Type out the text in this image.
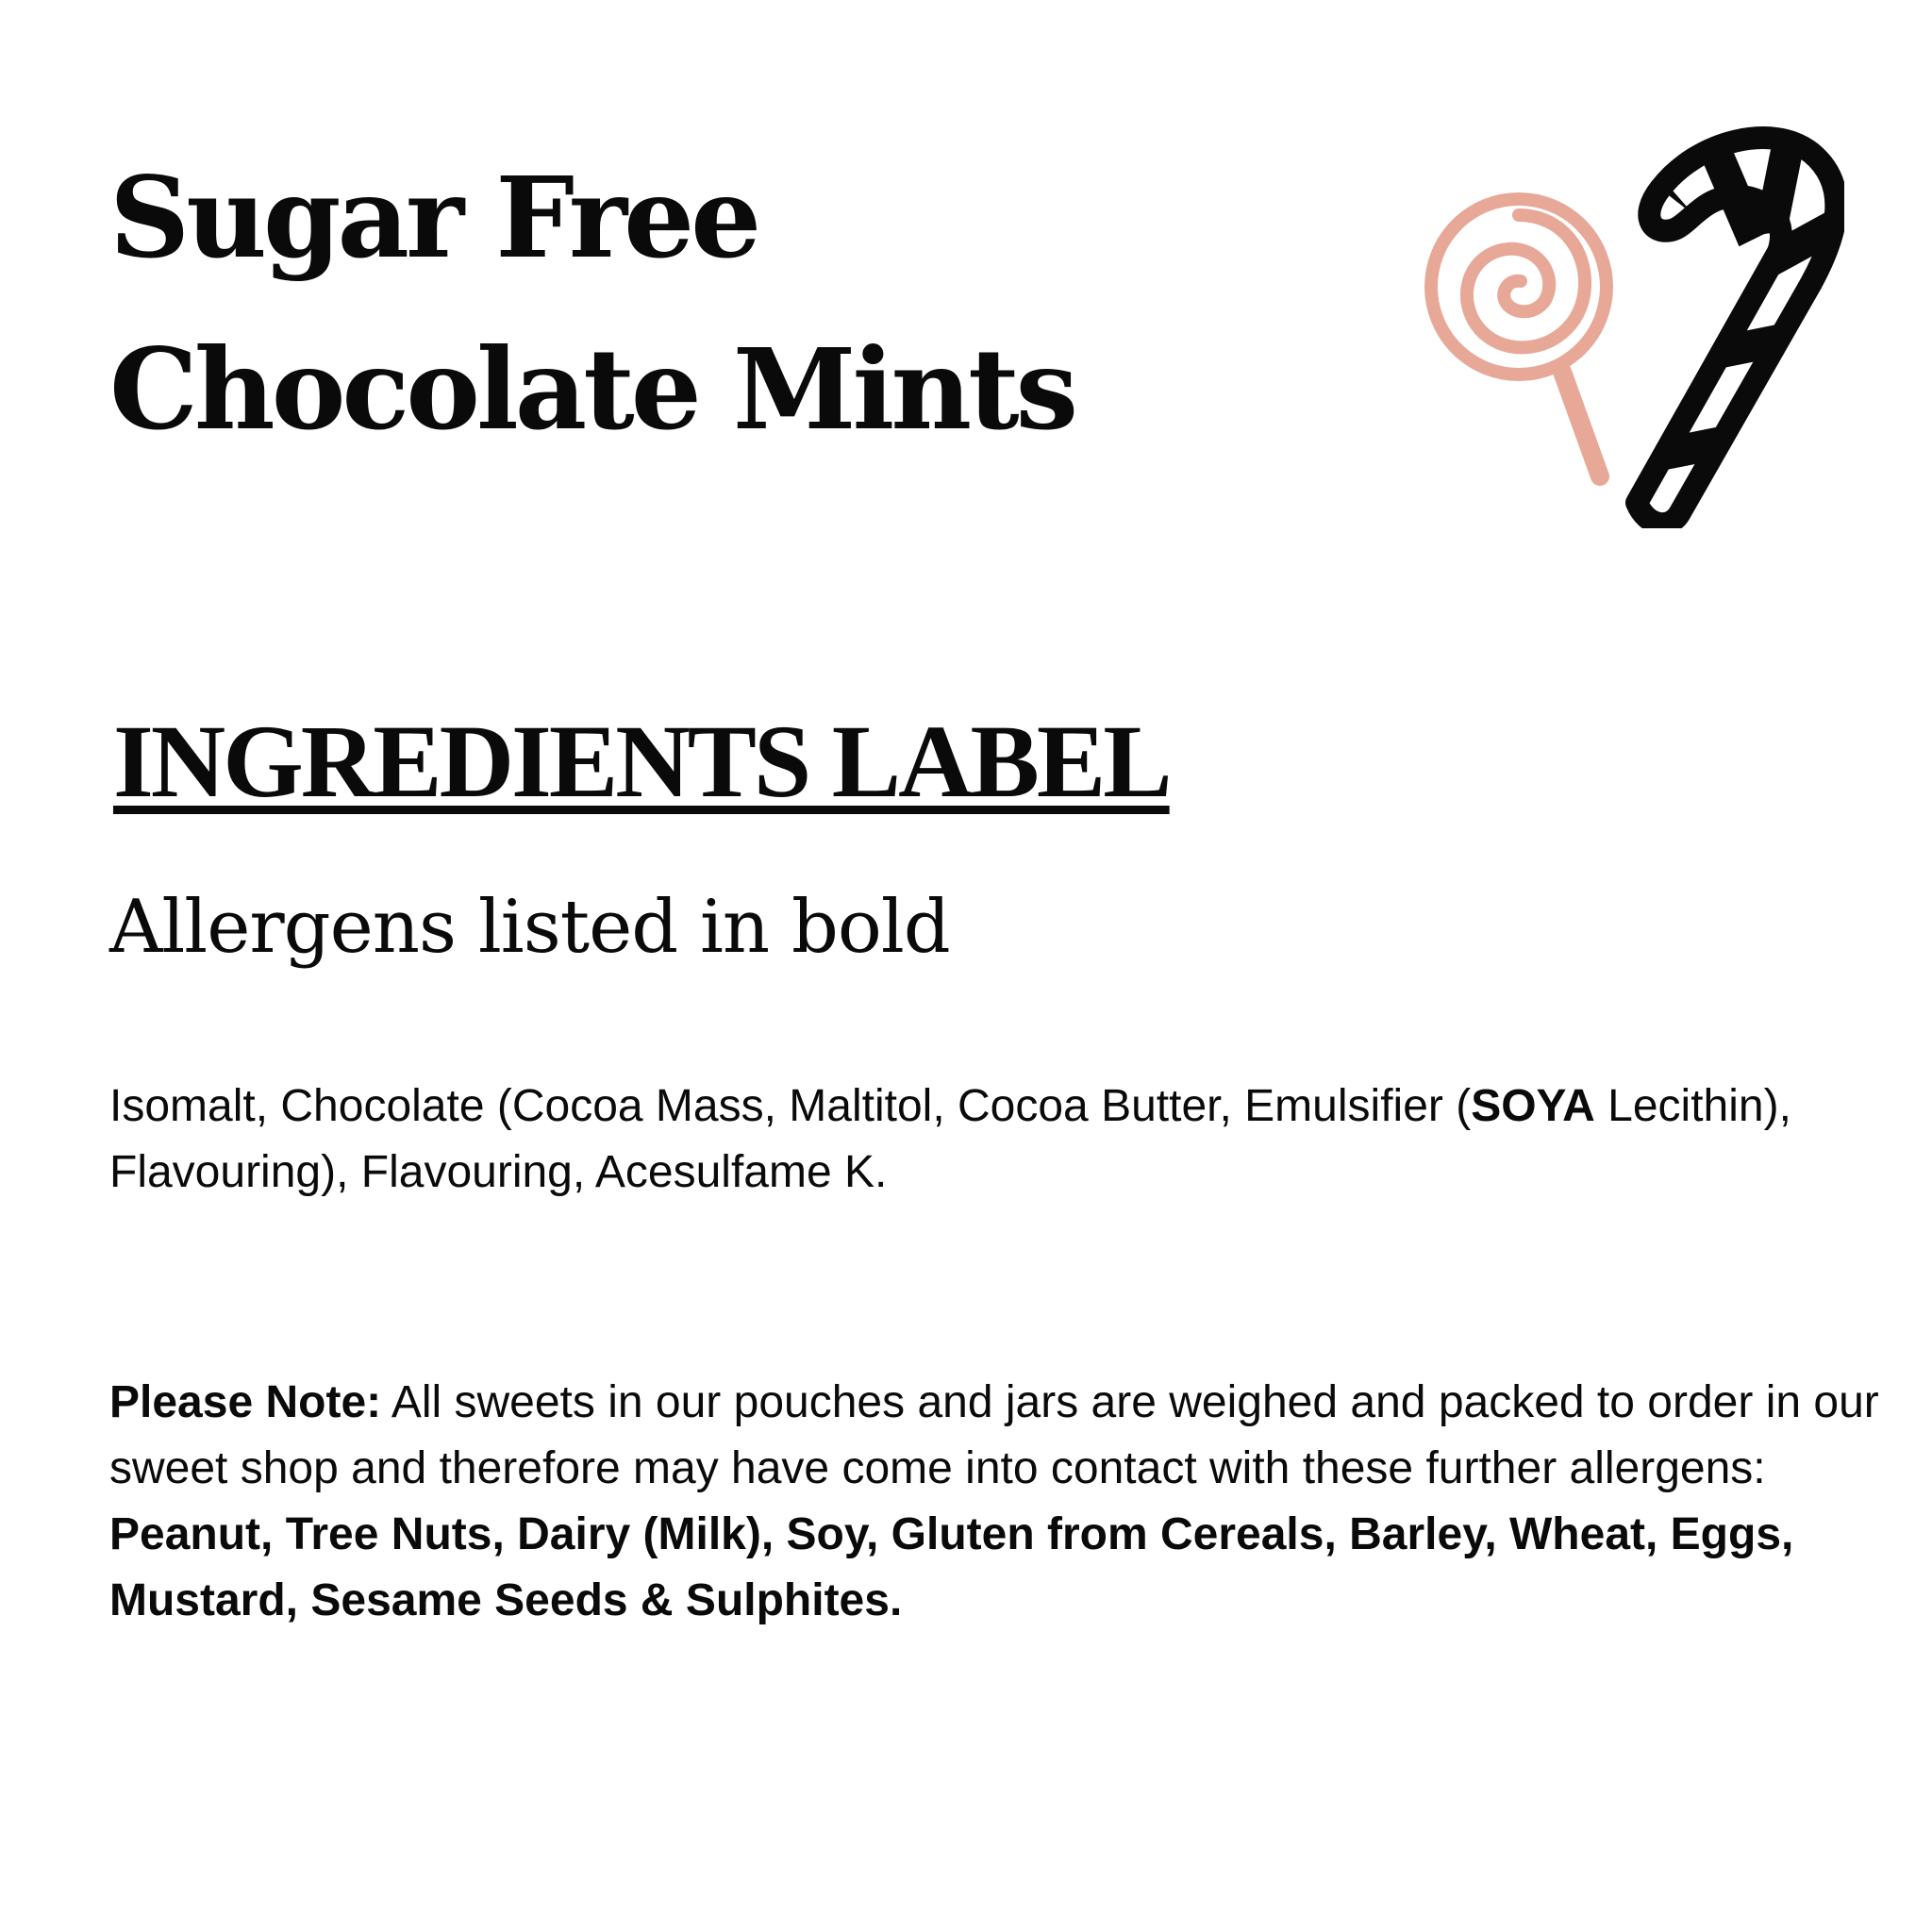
Sugar Free
Chocolate Mints
INGREDIENTS LABEL
Allergens listed in bold

Isomalt, Chocolate (Cocoa Mass, Maltitol, Cocoa Butter, Emulsifier (SOYA Lecithin), Flavouring), Flavouring, Acesulfame K.

Please Note: All sweets in our pouches and jars are weighed and packed to order in our sweet shop and therefore may have come into contact with these further allergens: Peanut, Tree Nuts, Dairy (Milk), Soy, Gluten from Cereals, Barley, Wheat, Eggs, Mustard, Sesame Seeds & Sulphites.
